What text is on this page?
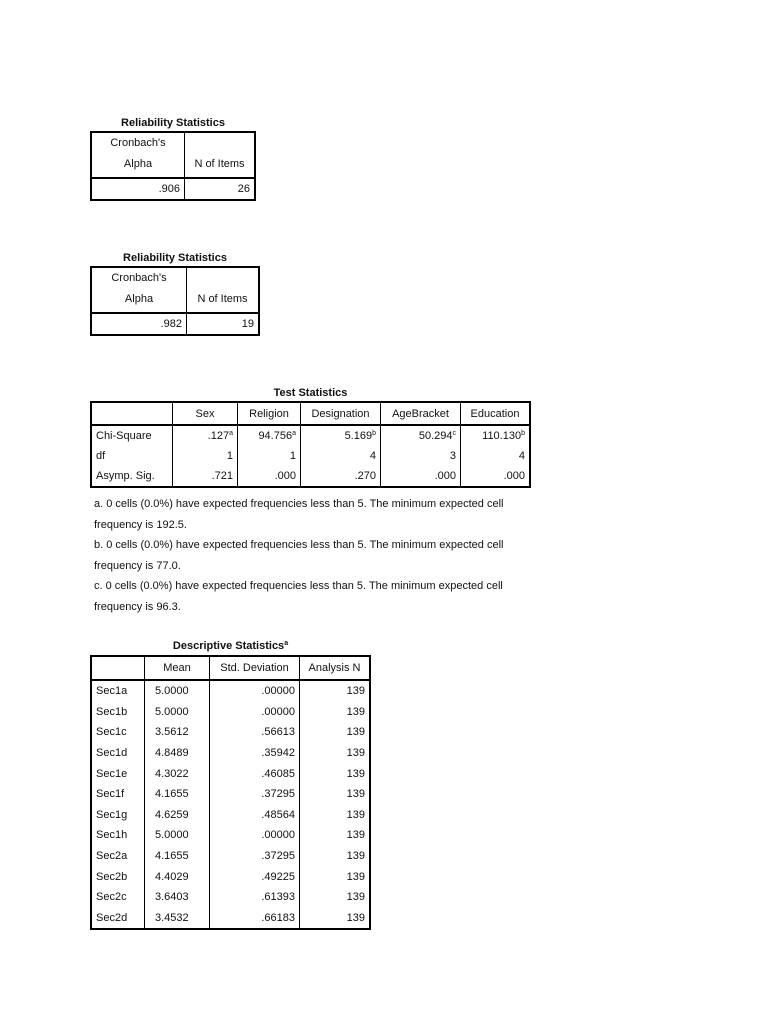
Reliability Statistics
Cronbach's
Alpha	N of Items
.906	26
Reliability Statistics
Cronbach's
Alpha	N of Items
.982	19
Test Statistics
	Sex	Religion	Designation	AgeBracket	Education
Chi-Square	.127$^a$	94.756$^a$	5.169$^b$	50.294$^c$	110.130$^b$
df	1	1	4	3	4
Asymp. Sig.	.721	.000	.270	.000	.000
a. 0 cells (0.0%) have expected frequencies less than 5. The minimum expected cell
frequency is 192.5.
b. 0 cells (0.0%) have expected frequencies less than 5. The minimum expected cell
frequency is 77.0.
c. 0 cells (0.0%) have expected frequencies less than 5. The minimum expected cell
frequency is 96.3.
Descriptive Statistics$^a$
	Mean	Std. Deviation	Analysis N
Sec1a	5.0000	.00000	139
Sec1b	5.0000	.00000	139
Sec1c	3.5612	.56613	139
Sec1d	4.8489	.35942	139
Sec1e	4.3022	.46085	139
Sec1f	4.1655	.37295	139
Sec1g	4.6259	.48564	139
Sec1h	5.0000	.00000	139
Sec2a	4.1655	.37295	139
Sec2b	4.4029	.49225	139
Sec2c	3.6403	.61393	139
Sec2d	3.4532	.66183	139
